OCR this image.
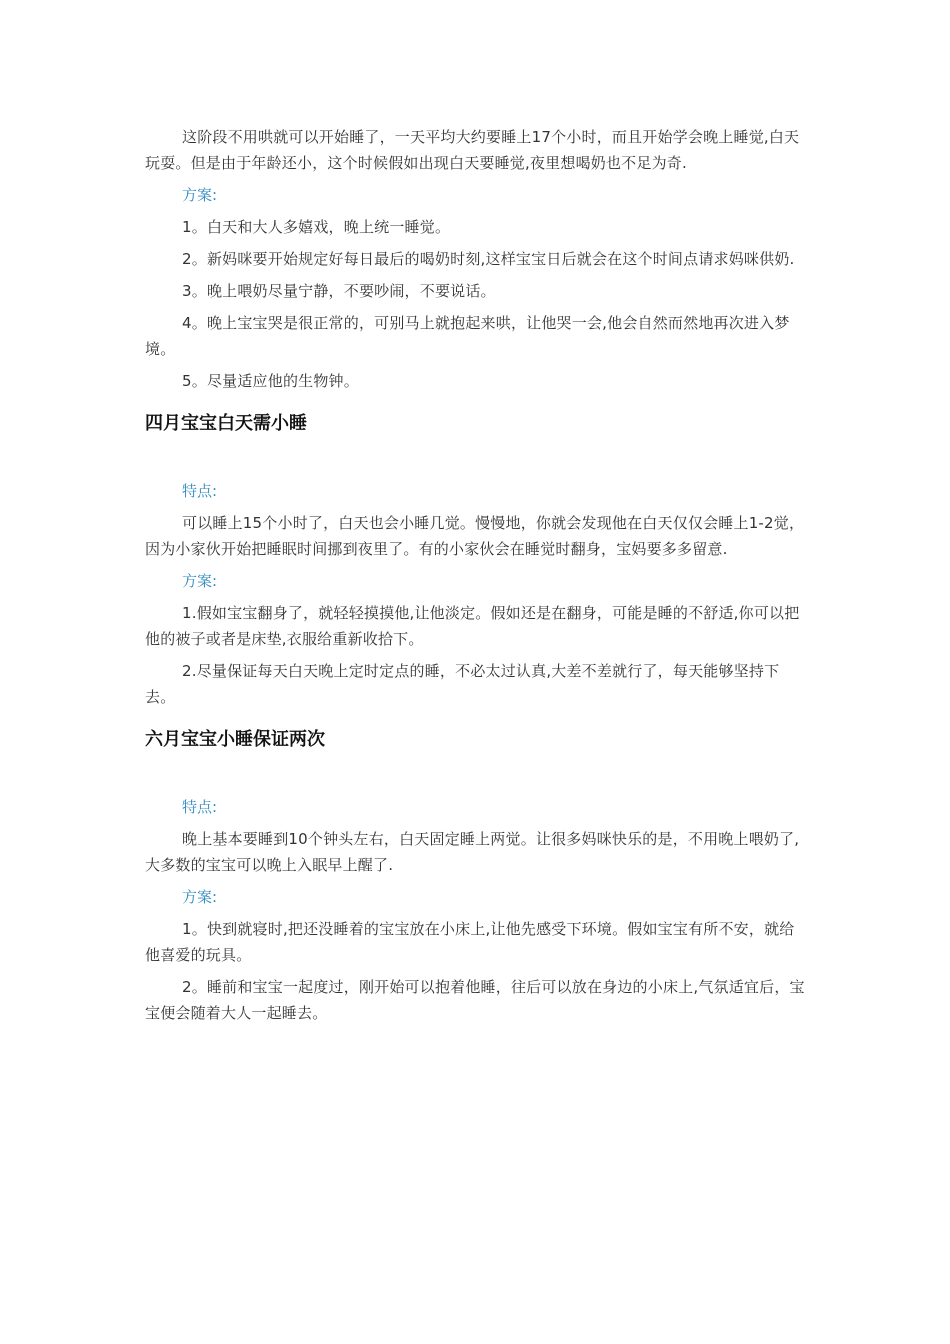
这阶段不用哄就可以开始睡了，一天平均大约要睡上17个小时，而且开始学会晚上睡觉,白天玩耍。但是由于年龄还小，这个时候假如出现白天要睡觉,夜里想喝奶也不足为奇.

方案:

1。白天和大人多嬉戏，晚上统一睡觉。

2。新妈咪要开始规定好每日最后的喝奶时刻,这样宝宝日后就会在这个时间点请求妈咪供奶.

3。晚上喂奶尽量宁静，不要吵闹，不要说话。

4。晚上宝宝哭是很正常的，可别马上就抱起来哄，让他哭一会,他会自然而然地再次进入梦境。

5。尽量适应他的生物钟。

四月宝宝白天需小睡

特点:

可以睡上15个小时了，白天也会小睡几觉。慢慢地，你就会发现他在白天仅仅会睡上1-2觉，因为小家伙开始把睡眠时间挪到夜里了。有的小家伙会在睡觉时翻身，宝妈要多多留意.

方案:

1.假如宝宝翻身了，就轻轻摸摸他,让他淡定。假如还是在翻身，可能是睡的不舒适,你可以把他的被子或者是床垫,衣服给重新收拾下。

2.尽量保证每天白天晚上定时定点的睡，不必太过认真,大差不差就行了，每天能够坚持下去。

六月宝宝小睡保证两次

特点:

晚上基本要睡到10个钟头左右，白天固定睡上两觉。让很多妈咪快乐的是，不用晚上喂奶了,大多数的宝宝可以晚上入眠早上醒了.

方案:

1。快到就寝时,把还没睡着的宝宝放在小床上,让他先感受下环境。假如宝宝有所不安，就给他喜爱的玩具。

2。睡前和宝宝一起度过，刚开始可以抱着他睡，往后可以放在身边的小床上,气氛适宜后，宝宝便会随着大人一起睡去。
